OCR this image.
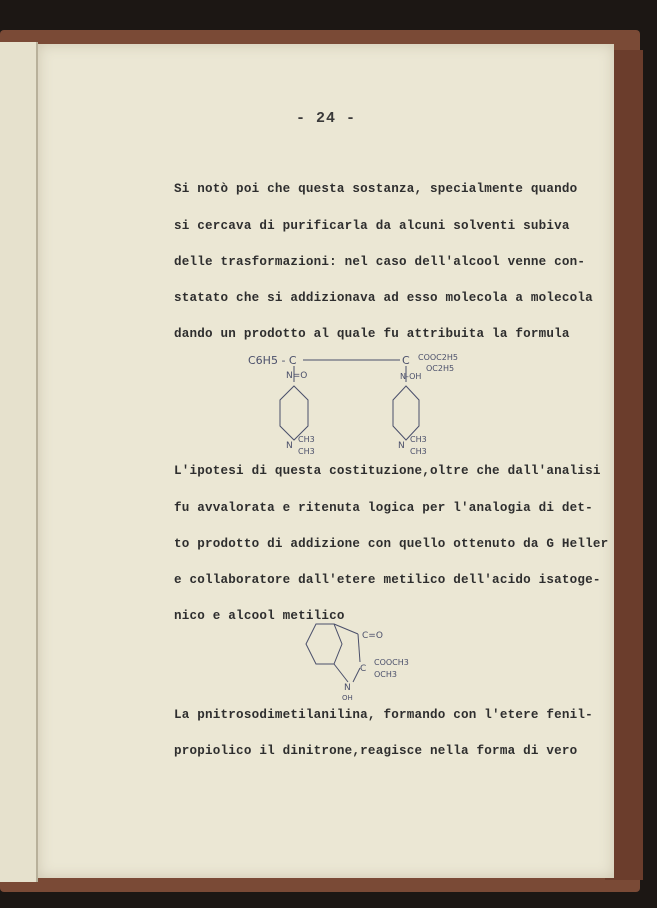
- 24 -
Si notò poi che questa sostanza, specialmente quando
si cercava di purificarla da alcuni solventi subiva
delle trasformazioni: nel caso dell'alcool venne con-
statato che si addizionava ad esso molecola a molecola
dando un prodotto al quale fu attribuita la formula
C6H5 - C
N=O
N
CH3
CH3
C COOC2H5
OC2H5
N-OH
N
CH3
CH3
L'ipotesi di questa costituzione,oltre che dall'analisi
fu avvalorata e ritenuta logica per l'analogia di det-
to prodotto di addizione con quello ottenuto da G Heller
e collaboratore dall'etere metilico dell'acido isatoge-
nico e alcool metilico
C=O
C
COOCH3
OCH3
N
OH
La pnitrosodimetilanilina, formando con l'etere fenil-
propiolico il dinitrone,reagisce nella forma di vero
